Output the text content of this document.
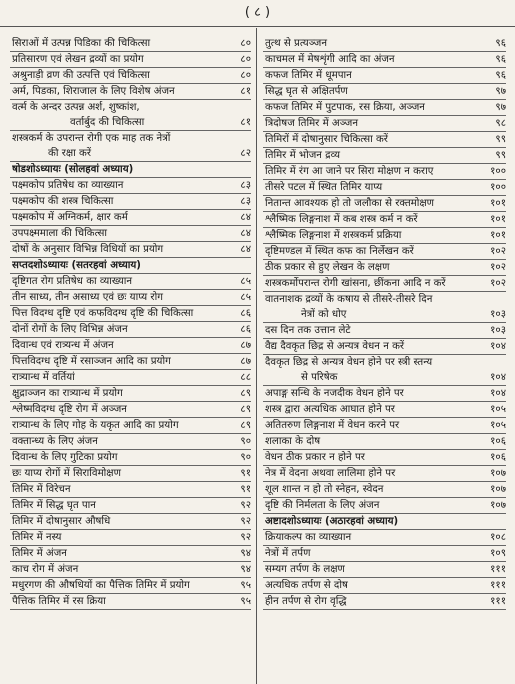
( ८ )
सिराओं में उत्पन्न पिडिका की चिकित्सा	८०
प्रतिसारण एवं लेखन द्रव्यों का प्रयोग	८०
अश्रुनाड़ी व्रण की उत्पत्ति एवं चिकित्सा	८०
अर्म, पिडका, शिराजाल के लिए विशेष अंजन	८१
वर्त्म के अन्दर उत्पन्न अर्श, शुष्कांश,
वर्तार्बुद की चिकित्सा	८१
शस्त्रकर्म के उपरान्त रोगी एक माह तक नेत्रों
की रक्षा करें	८२
षोडशोऽध्यायः (सोलहवां अध्याय)
पक्ष्मकोप प्रतिषेध का व्याख्यान	८३
पक्ष्मकोप की शस्त्र चिकित्सा	८३
पक्ष्मकोप में अग्निकर्म, क्षार कर्म	८४
उपपक्ष्ममाला की चिकित्सा	८४
दोषों के अनुसार विभिन्न विधियों का प्रयोग	८४
सप्तदशोऽध्यायः (सतरहवां अध्याय)
दृष्टिगत रोग प्रतिषेध का व्याख्यान	८५
तीन साध्य, तीन असाध्य एवं छः याप्य रोग	८५
पित्त विदग्ध दृष्टि एवं कफविदग्ध दृष्टि की चिकित्सा	८६
दोनों रोगों के लिए विभिन्न अंजन	८६
दिवान्ध एवं रात्र्यन्ध में अंजन	८७
पित्तविदग्ध दृष्टि में रसाञ्जन आदि का प्रयोग	८७
रात्र्यान्ध में वर्तियां	८८
क्षुद्राञ्जन का रात्र्यान्ध में प्रयोग	८९
श्लेष्मविदग्ध दृष्टि रोग में अञ्जन	८९
रात्र्यान्ध के लिए गोह के यकृत आदि का प्रयोग	८९
वक्तान्ध्य के लिए अंजन	९०
दिवान्ध के लिए गुटिका प्रयोग	९०
छः याप्य रोगों में सिराविमोक्षण	९१
तिमिर में विरेचन	९१
तिमिर में सिद्ध घृत पान	९२
तिमिर में दोषानुसार औषधि	९२
तिमिर में नस्य	९२
तिमिर में अंजन	९४
काच रोग में अंजन	९४
मधुरगण की औषधियों का पैत्तिक तिमिर में प्रयोग	९५
पैत्तिक तिमिर में रस क्रिया	९५
तुत्थ से प्रत्यञ्जन	९६
काचमल में मेषशृंगी आदि का अंजन	९६
कफज तिमिर में धूमपान	९६
सिद्ध घृत से अक्षितर्पण	९७
कफज तिमिर में पुटपाक, रस क्रिया, अञ्जन	९७
त्रिदोषज तिमिर में अञ्जन	९८
तिमिरों में दोषानुसार चिकित्सा करें	९९
तिमिर में भोजन द्रव्य	९९
तिमिर में रंग आ जाने पर सिरा मोक्षण न कराए	१००
तीसरे पटल में स्थित तिमिर याप्य	१००
नितान्त आवश्यक हो तो जलौका से रक्तमोक्षण	१०१
श्लैष्मिक लिङ्गनाश में कब शस्त्र कर्म न करें	१०१
श्लैष्मिक लिङ्गनाश में शस्त्रकर्म प्रक्रिया	१०१
दृष्टिमण्डल में स्थित कफ का निर्लेखन करें	१०२
ठीक प्रकार से हुए लेखन के लक्षण	१०२
शस्त्रकर्मोपरान्त रोगी खांसना, छींकना आदि न करें	१०२
वातनाशक द्रव्यों के कषाय से तीसरे-तीसरे दिन
नेत्रों को धोए	१०३
दस दिन तक उत्तान लेटे	१०३
वैद्य दैवकृत छिद्र से अन्यत्र वेधन न करें	१०४
दैवकृत छिद्र से अन्यत्र वेधन होने पर स्त्री स्तन्य
से परिषेक	१०४
अपाङ्ग सन्धि के नजदीक वेधन होने पर	१०४
शस्त्र द्वारा अत्यधिक आघात होने पर	१०५
अतितरुण लिङ्गनाश में वेधन करने पर	१०५
शलाका के दोष	१०६
वेधन ठीक प्रकार न होने पर	१०६
नेत्र में वेदना अथवा लालिमा होने पर	१०७
शूल शान्त न हो तो स्नेहन, स्वेदन	१०७
दृष्टि की निर्मलता के लिए अंजन	१०७
अष्टादशोऽध्यायः (अठारहवां अध्याय)
क्रियाकल्प का व्याख्यान	१०८
नेत्रों में तर्पण	१०९
सम्यग तर्पण के लक्षण	१११
अत्यधिक तर्पण से दोष	१११
हीन तर्पण से रोग वृद्धि	१११
